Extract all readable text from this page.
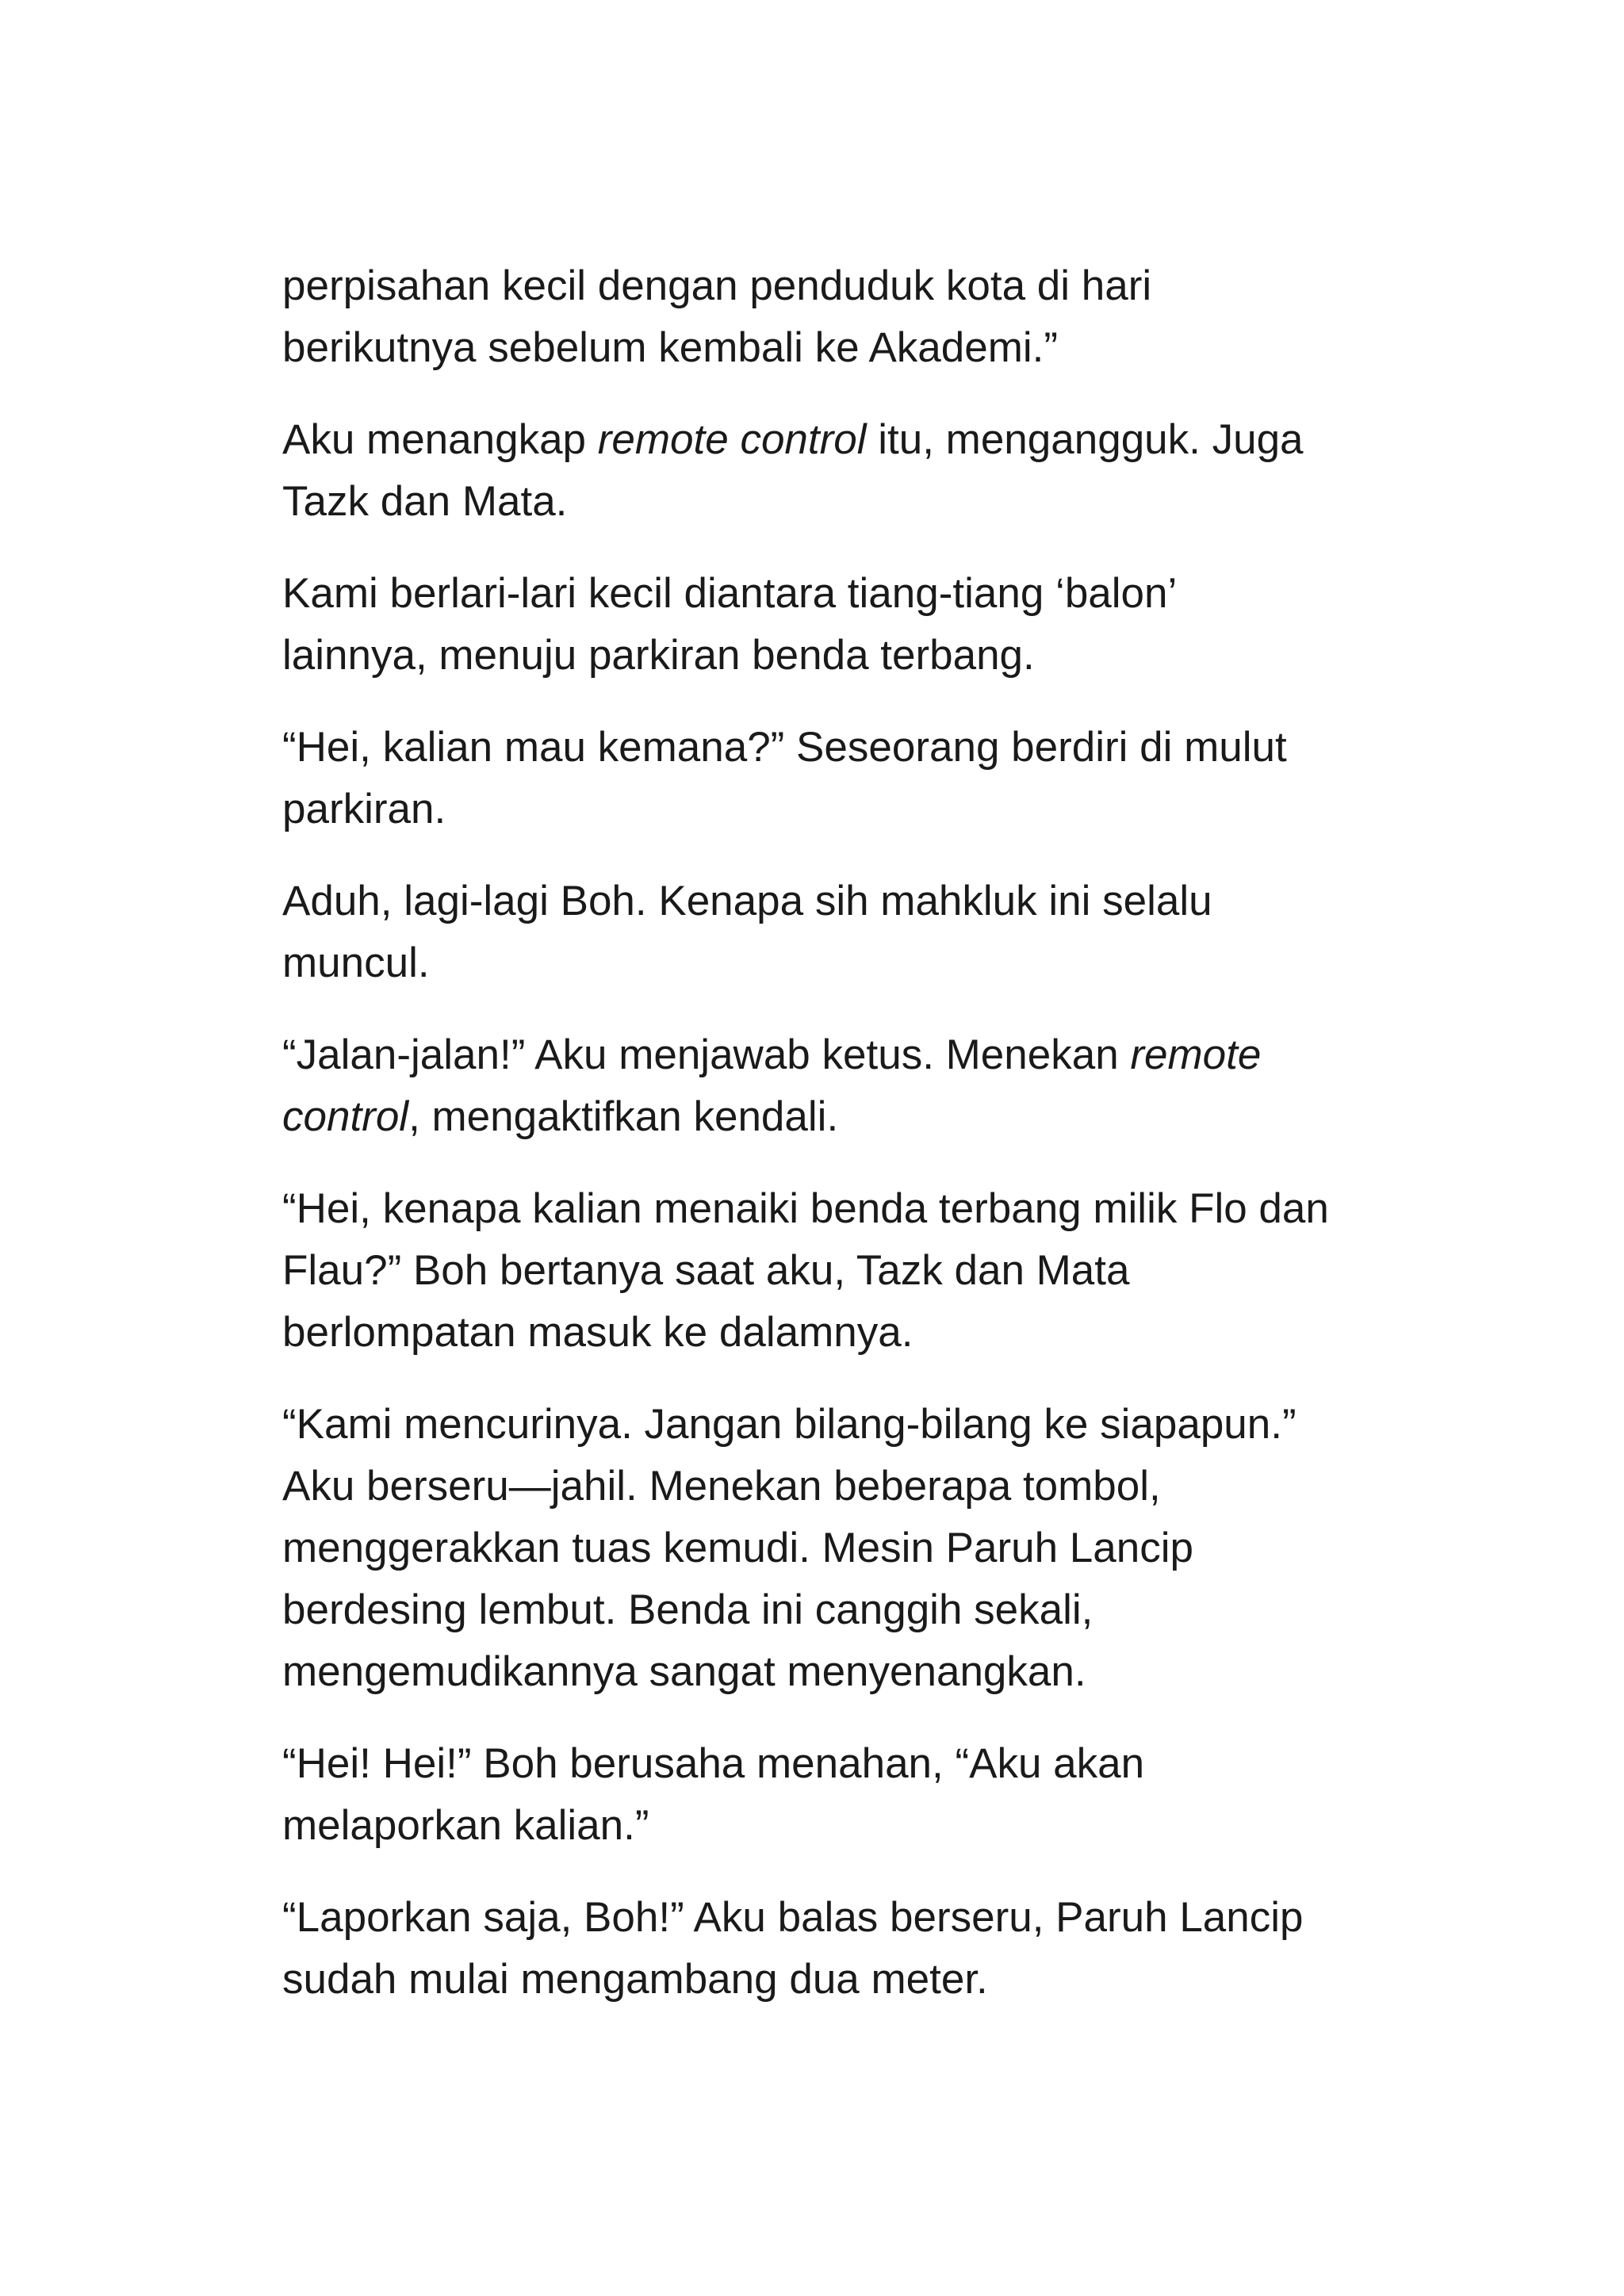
perpisahan kecil dengan penduduk kota di hari
berikutnya sebelum kembali ke Akademi.”
Aku menangkap remote control itu, mengangguk. Juga
Tazk dan Mata.
Kami berlari-lari kecil diantara tiang-tiang ‘balon’
lainnya, menuju parkiran benda terbang.
“Hei, kalian mau kemana?” Seseorang berdiri di mulut
parkiran.
Aduh, lagi-lagi Boh. Kenapa sih mahkluk ini selalu
muncul.
“Jalan-jalan!” Aku menjawab ketus. Menekan remote
control, mengaktifkan kendali.
“Hei, kenapa kalian menaiki benda terbang milik Flo dan
Flau?” Boh bertanya saat aku, Tazk dan Mata
berlompatan masuk ke dalamnya.
“Kami mencurinya. Jangan bilang-bilang ke siapapun.”
Aku berseru—jahil. Menekan beberapa tombol,
menggerakkan tuas kemudi. Mesin Paruh Lancip
berdesing lembut. Benda ini canggih sekali,
mengemudikannya sangat menyenangkan.
“Hei! Hei!” Boh berusaha menahan, “Aku akan
melaporkan kalian.”
“Laporkan saja, Boh!” Aku balas berseru, Paruh Lancip
sudah mulai mengambang dua meter.
